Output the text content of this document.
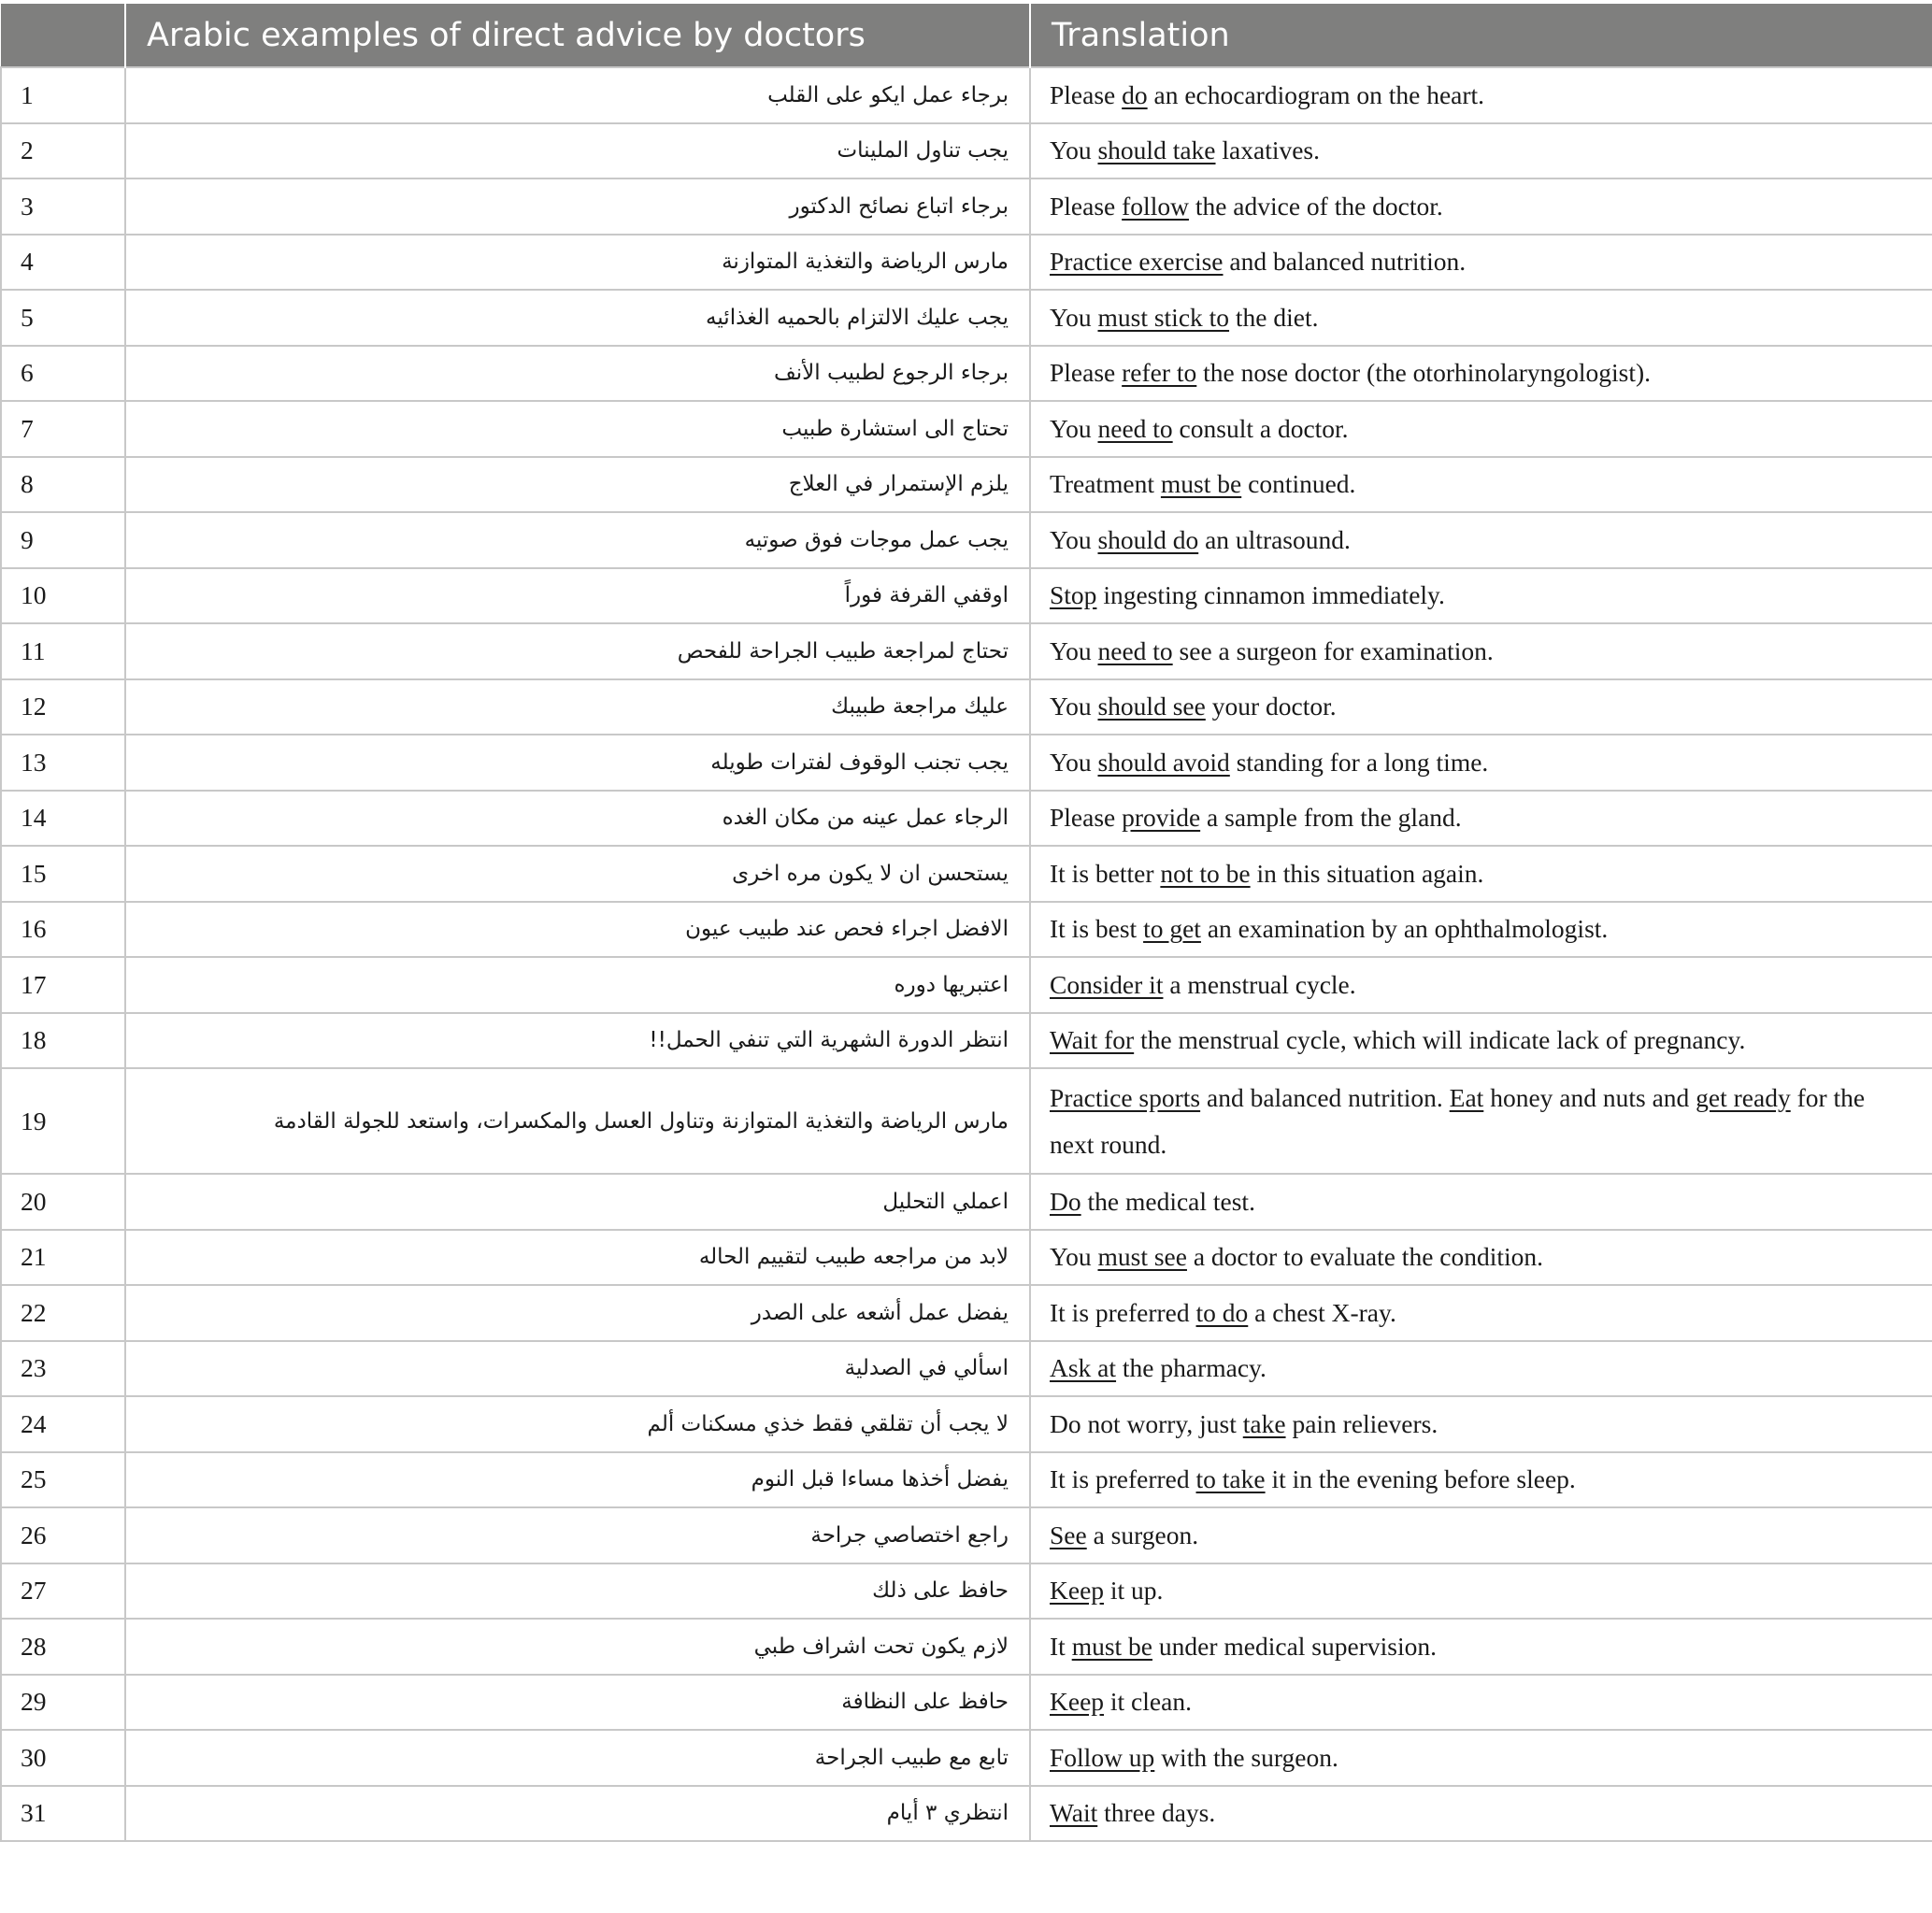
	Arabic examples of direct advice by doctors	Translation
1	برجاء عمل ايكو على القلب	Please do an echocardiogram on the heart.
2	يجب تناول الملينات	You should take laxatives.
3	برجاء اتباع نصائح الدكتور	Please follow the advice of the doctor.
4	مارس الرياضة والتغذية المتوازنة	Practice exercise and balanced nutrition.
5	يجب عليك الالتزام بالحميه الغذائيه	You must stick to the diet.
6	برجاء الرجوع لطبيب الأنف	Please refer to the nose doctor (the otorhinolaryngologist).
7	تحتاج الى استشارة طبيب	You need to consult a doctor.
8	يلزم الإستمرار في العلاج	Treatment must be continued.
9	يجب عمل موجات فوق صوتيه	You should do an ultrasound.
10	اوقفي القرفة فوراً	Stop ingesting cinnamon immediately.
11	تحتاج لمراجعة طبيب الجراحة للفحص	You need to see a surgeon for examination.
12	عليك مراجعة طبيبك	You should see your doctor.
13	يجب تجنب الوقوف لفترات طويله	You should avoid standing for a long time.
14	الرجاء عمل عينه من مكان الغده	Please provide a sample from the gland.
15	يستحسن ان لا يكون مره اخرى	It is better not to be in this situation again.
16	الافضل اجراء فحص عند طبيب عيون	It is best to get an examination by an ophthalmologist.
17	اعتبريها دوره	Consider it a menstrual cycle.
18	انتظر الدورة الشهرية التي تنفي الحمل!!	Wait for the menstrual cycle, which will indicate lack of pregnancy.
19	مارس الرياضة والتغذية المتوازنة وتناول العسل والمكسرات، واستعد للجولة القادمة	Practice sports and balanced nutrition. Eat honey and nuts and get ready for the next round.
20	اعملي التحليل	Do the medical test.
21	لابد من مراجعه طبيب لتقييم الحاله	You must see a doctor to evaluate the condition.
22	يفضل عمل أشعه على الصدر	It is preferred to do a chest X-ray.
23	اسألي في الصدلية	Ask at the pharmacy.
24	لا يجب أن تقلقي فقط خذي مسكنات ألم	Do not worry, just take pain relievers.
25	يفضل أخذها مساءا قبل النوم	It is preferred to take it in the evening before sleep.
26	راجع اختصاصي جراحة	See a surgeon.
27	حافظ على ذلك	Keep it up.
28	لازم يكون تحت اشراف طبي	It must be under medical supervision.
29	حافظ على النظافة	Keep it clean.
30	تابع مع طبيب الجراحة	Follow up with the surgeon.
31	انتظري ٣ أيام	Wait three days.
